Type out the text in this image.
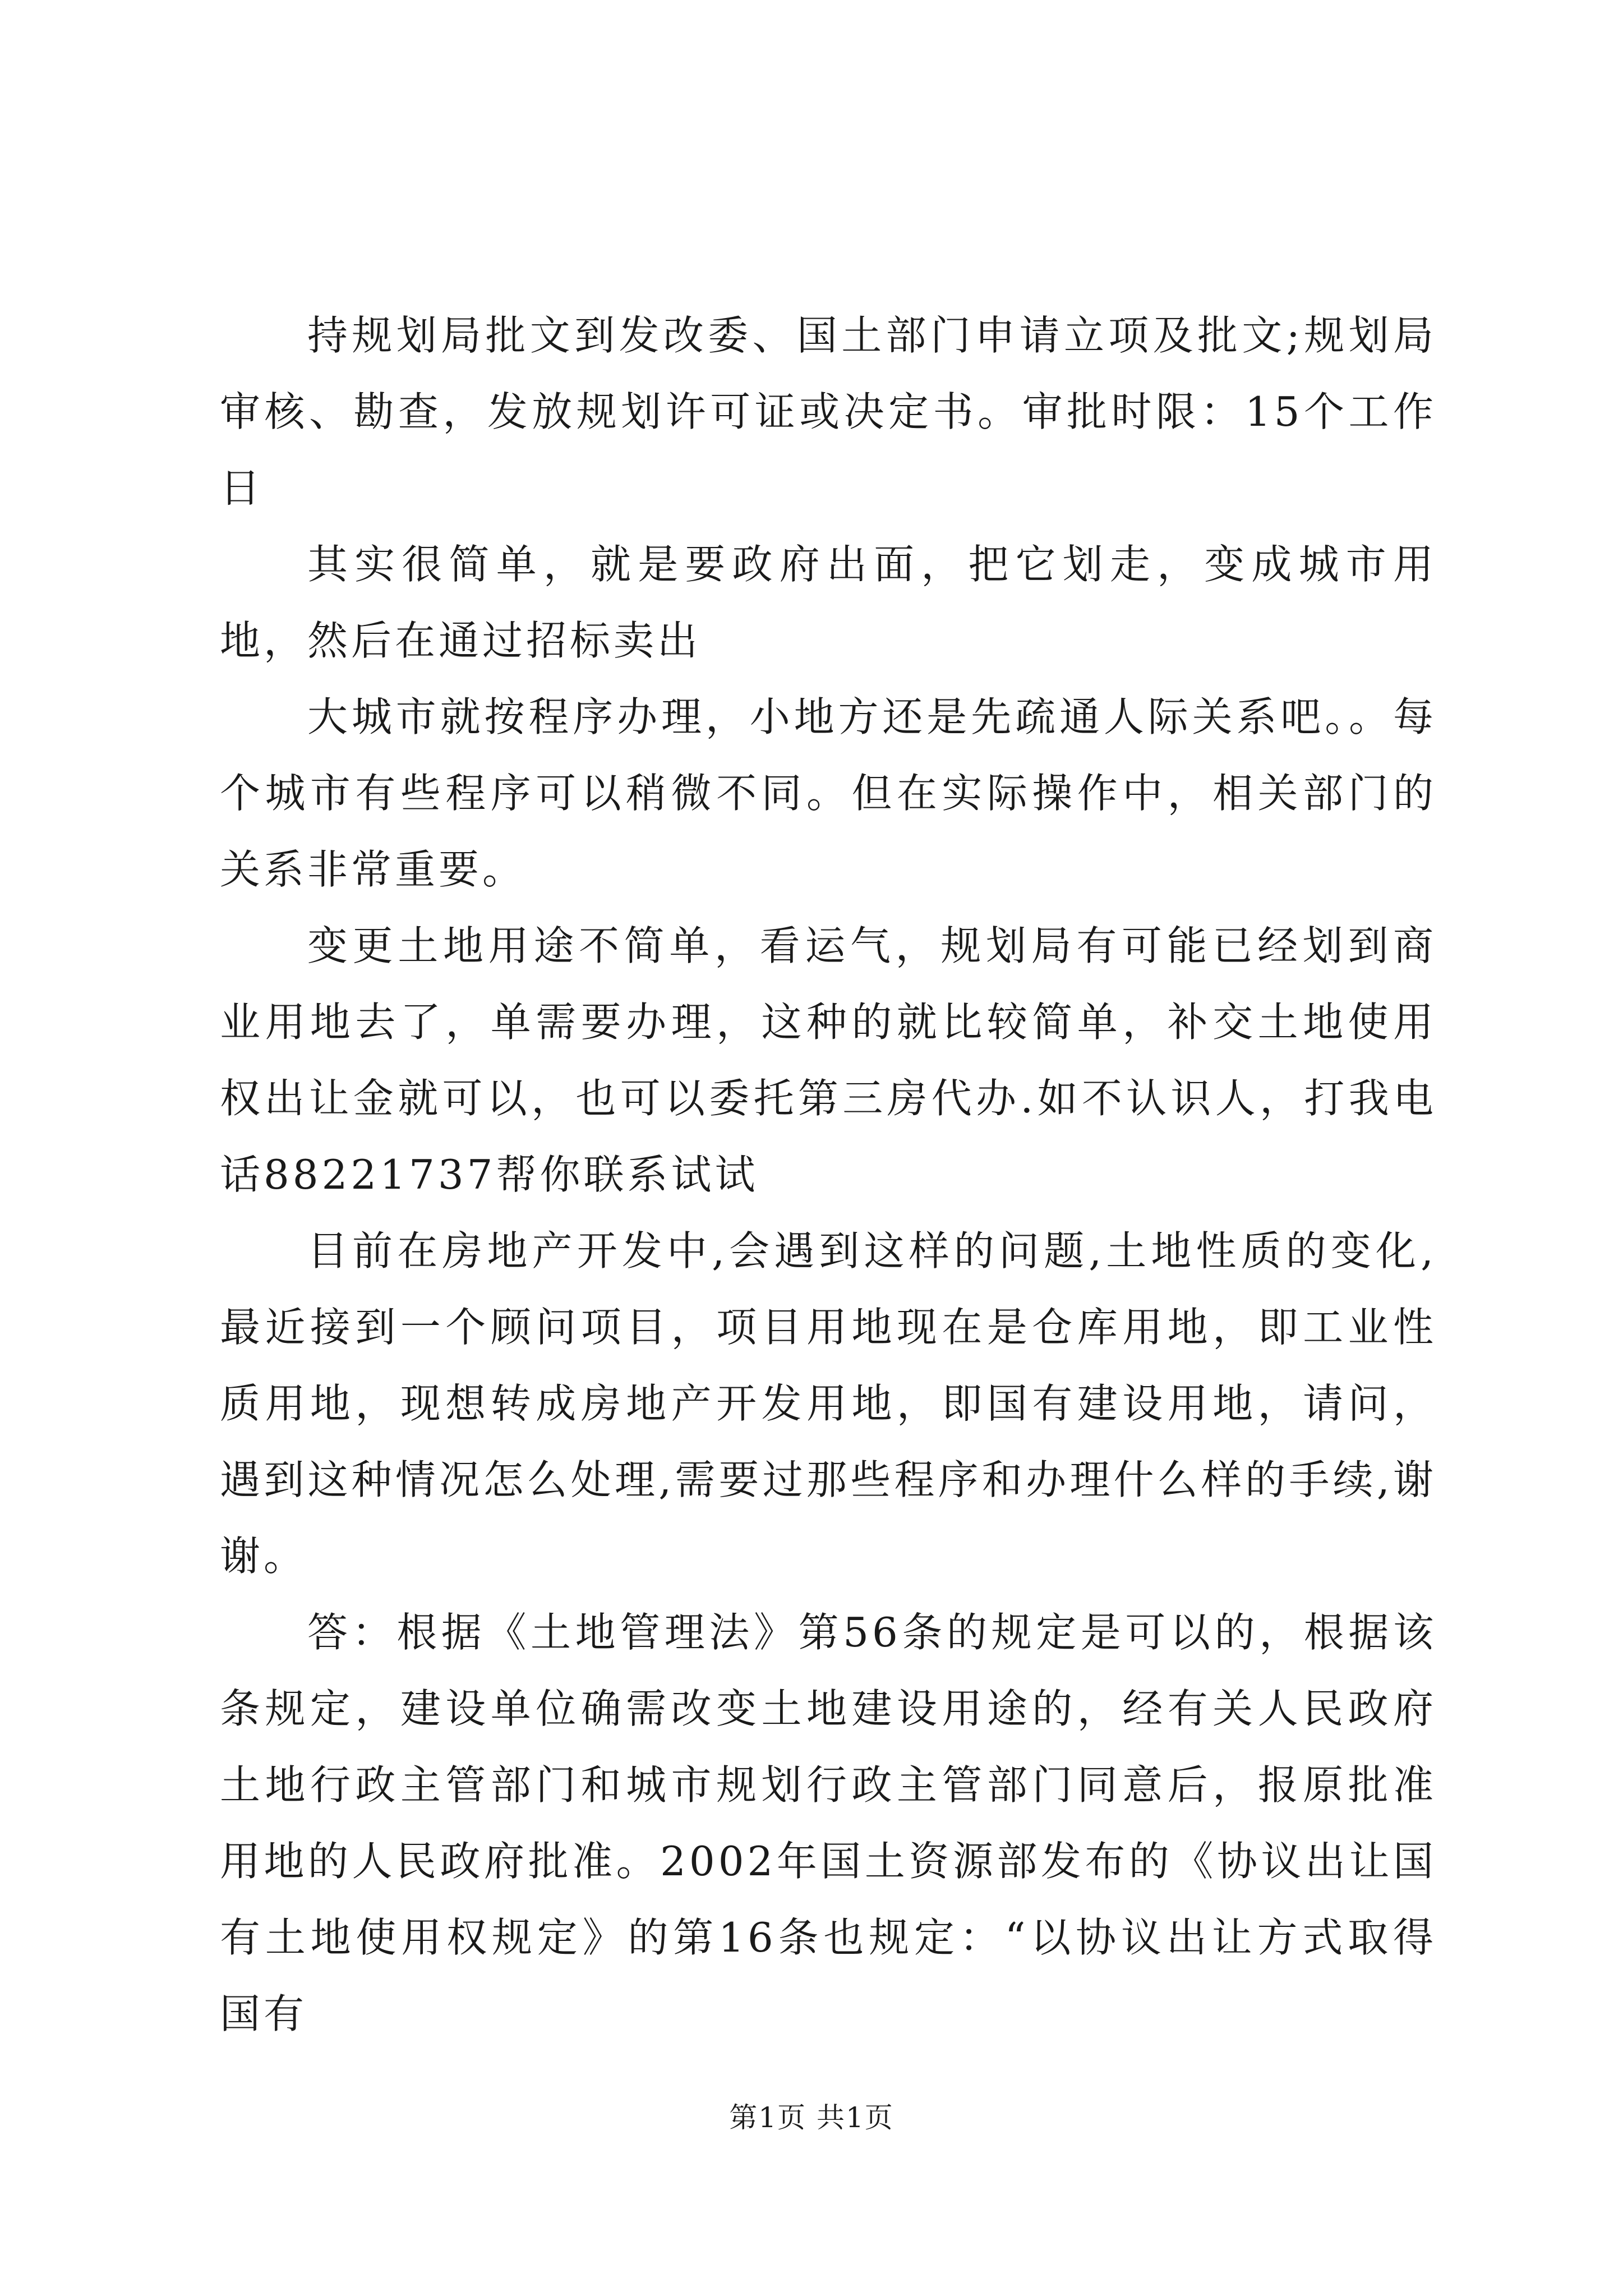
持规划局批文到发改委、国土部门申请立项及批文;规划局审核、勘查，发放规划许可证或决定书。审批时限：15个工作日

其实很简单，就是要政府出面，把它划走，变成城市用地，然后在通过招标卖出

大城市就按程序办理，小地方还是先疏通人际关系吧。。每个城市有些程序可以稍微不同。但在实际操作中，相关部门的关系非常重要。

变更土地用途不简单，看运气，规划局有可能已经划到商业用地去了，单需要办理，这种的就比较简单，补交土地使用权出让金就可以，也可以委托第三房代办.如不认识人，打我电话88221737帮你联系试试

目前在房地产开发中,会遇到这样的问题,土地性质的变化,最近接到一个顾问项目，项目用地现在是仓库用地，即工业性质用地，现想转成房地产开发用地，即国有建设用地，请问，遇到这种情况怎么处理,需要过那些程序和办理什么样的手续,谢谢。

答：根据《土地管理法》第56条的规定是可以的，根据该条规定，建设单位确需改变土地建设用途的，经有关人民政府土地行政主管部门和城市规划行政主管部门同意后，报原批准用地的人民政府批准。2002年国土资源部发布的《协议出让国有土地使用权规定》的第16条也规定：“以协议出让方式取得国有

第1页 共1页
